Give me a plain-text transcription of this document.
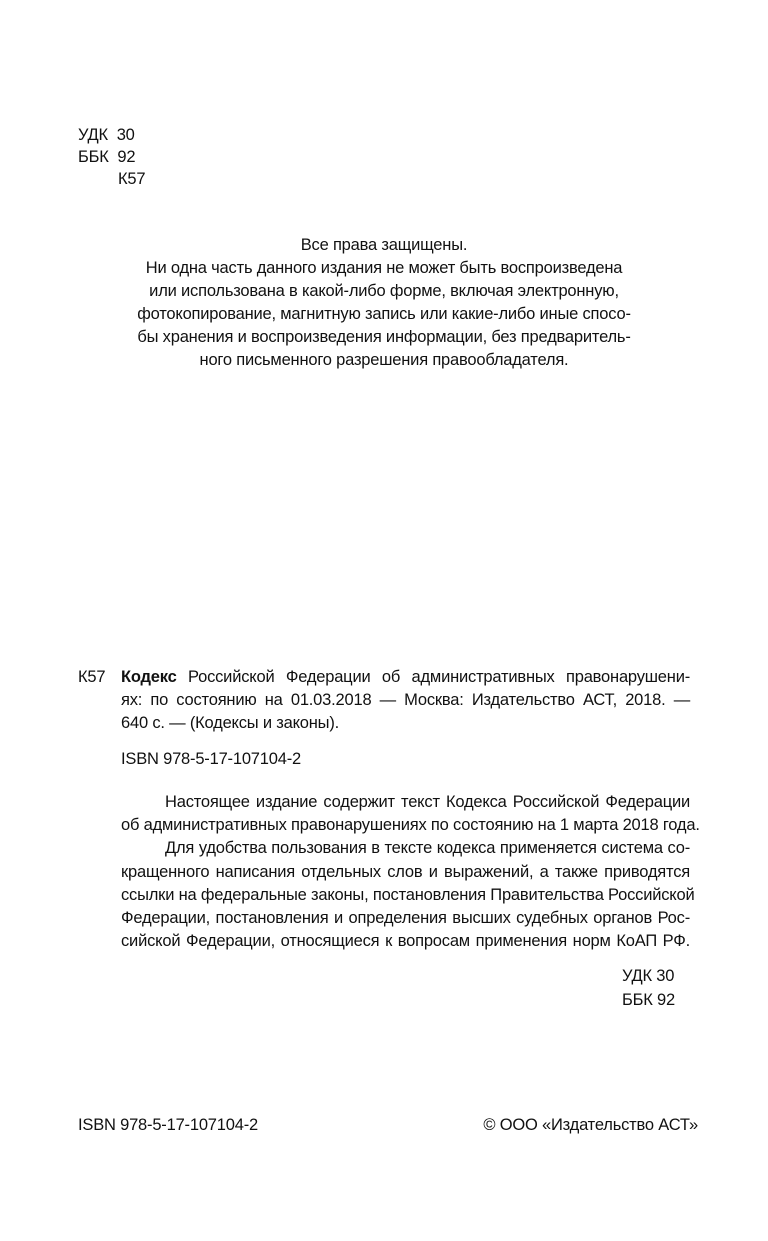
УДК  30
ББК  92
К57
Все права защищены.
Ни одна часть данного издания не может быть воспроизведена
или использована в какой-либо форме, включая электронную,
фотокопирование, магнитную запись или какие-либо иные спосо-
бы хранения и воспроизведения информации, без предваритель-
ного письменного разрешения правообладателя.
К57 Кодекс Российской Федерации об административных правонарушени-
ях: по состоянию на 01.03.2018 — Москва: Издательство АСТ, 2018. —
640 с. — (Кодексы и законы).
ISBN 978-5-17-107104-2
Настоящее издание содержит текст Кодекса Российской Федерации
об административных правонарушениях по состоянию на 1 марта 2018 года.
Для удобства пользования в тексте кодекса применяется система со-
кращенного написания отдельных слов и выражений, а также приводятся
ссылки на федеральные законы, постановления Правительства Российской
Федерации, постановления и определения высших судебных органов Рос-
сийской Федерации, относящиеся к вопросам применения норм КоАП РФ.
УДК 30
ББК 92
ISBN 978-5-17-107104-2	© ООО «Издательство АСТ»
